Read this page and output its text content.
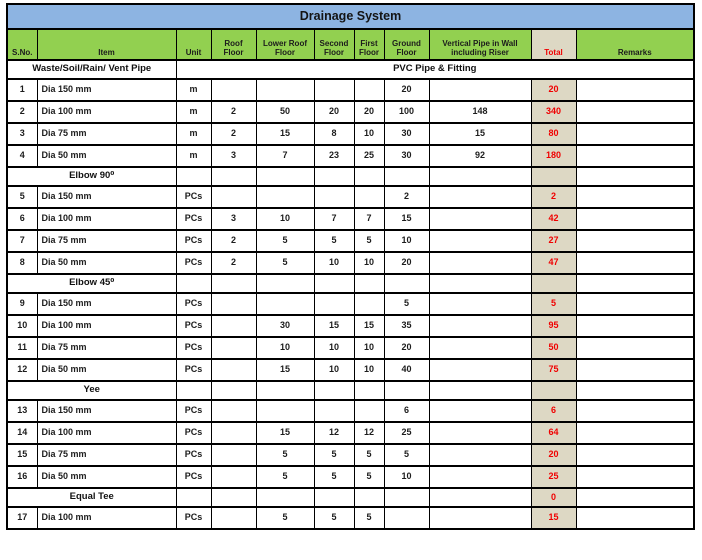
Drainage System										
S.No.	Item	Unit	Roof Floor	Lower Roof Floor	Second Floor	First Floor	Ground Floor	Vertical Pipe in Wall including Riser	Total	Remarks
Waste/Soil/Rain/ Vent Pipe		PVC Pipe & Fitting								
1	Dia 150 mm	m					20		20	
2	Dia 100 mm	m	2	50	20	20	100	148	340	
3	Dia 75 mm	m	2	15	8	10	30	15	80	
4	Dia 50 mm	m	3	7	23	25	30	92	180	
Elbow 90⁰										
5	Dia 150 mm	PCs					2		2	
6	Dia 100 mm	PCs	3	10	7	7	15		42	
7	Dia 75 mm	PCs	2	5	5	5	10		27	
8	Dia 50 mm	PCs	2	5	10	10	20		47	
Elbow 45⁰										
9	Dia 150 mm	PCs					5		5	
10	Dia 100 mm	PCs		30	15	15	35		95	
11	Dia 75 mm	PCs		10	10	10	20		50	
12	Dia 50 mm	PCs		15	10	10	40		75	
Yee										
13	Dia 150 mm	PCs					6		6	
14	Dia 100 mm	PCs		15	12	12	25		64	
15	Dia 75 mm	PCs		5	5	5	5		20	
16	Dia 50 mm	PCs		5	5	5	10		25	
Equal Tee									0	
17	Dia 100 mm	PCs		5	5	5			15	
